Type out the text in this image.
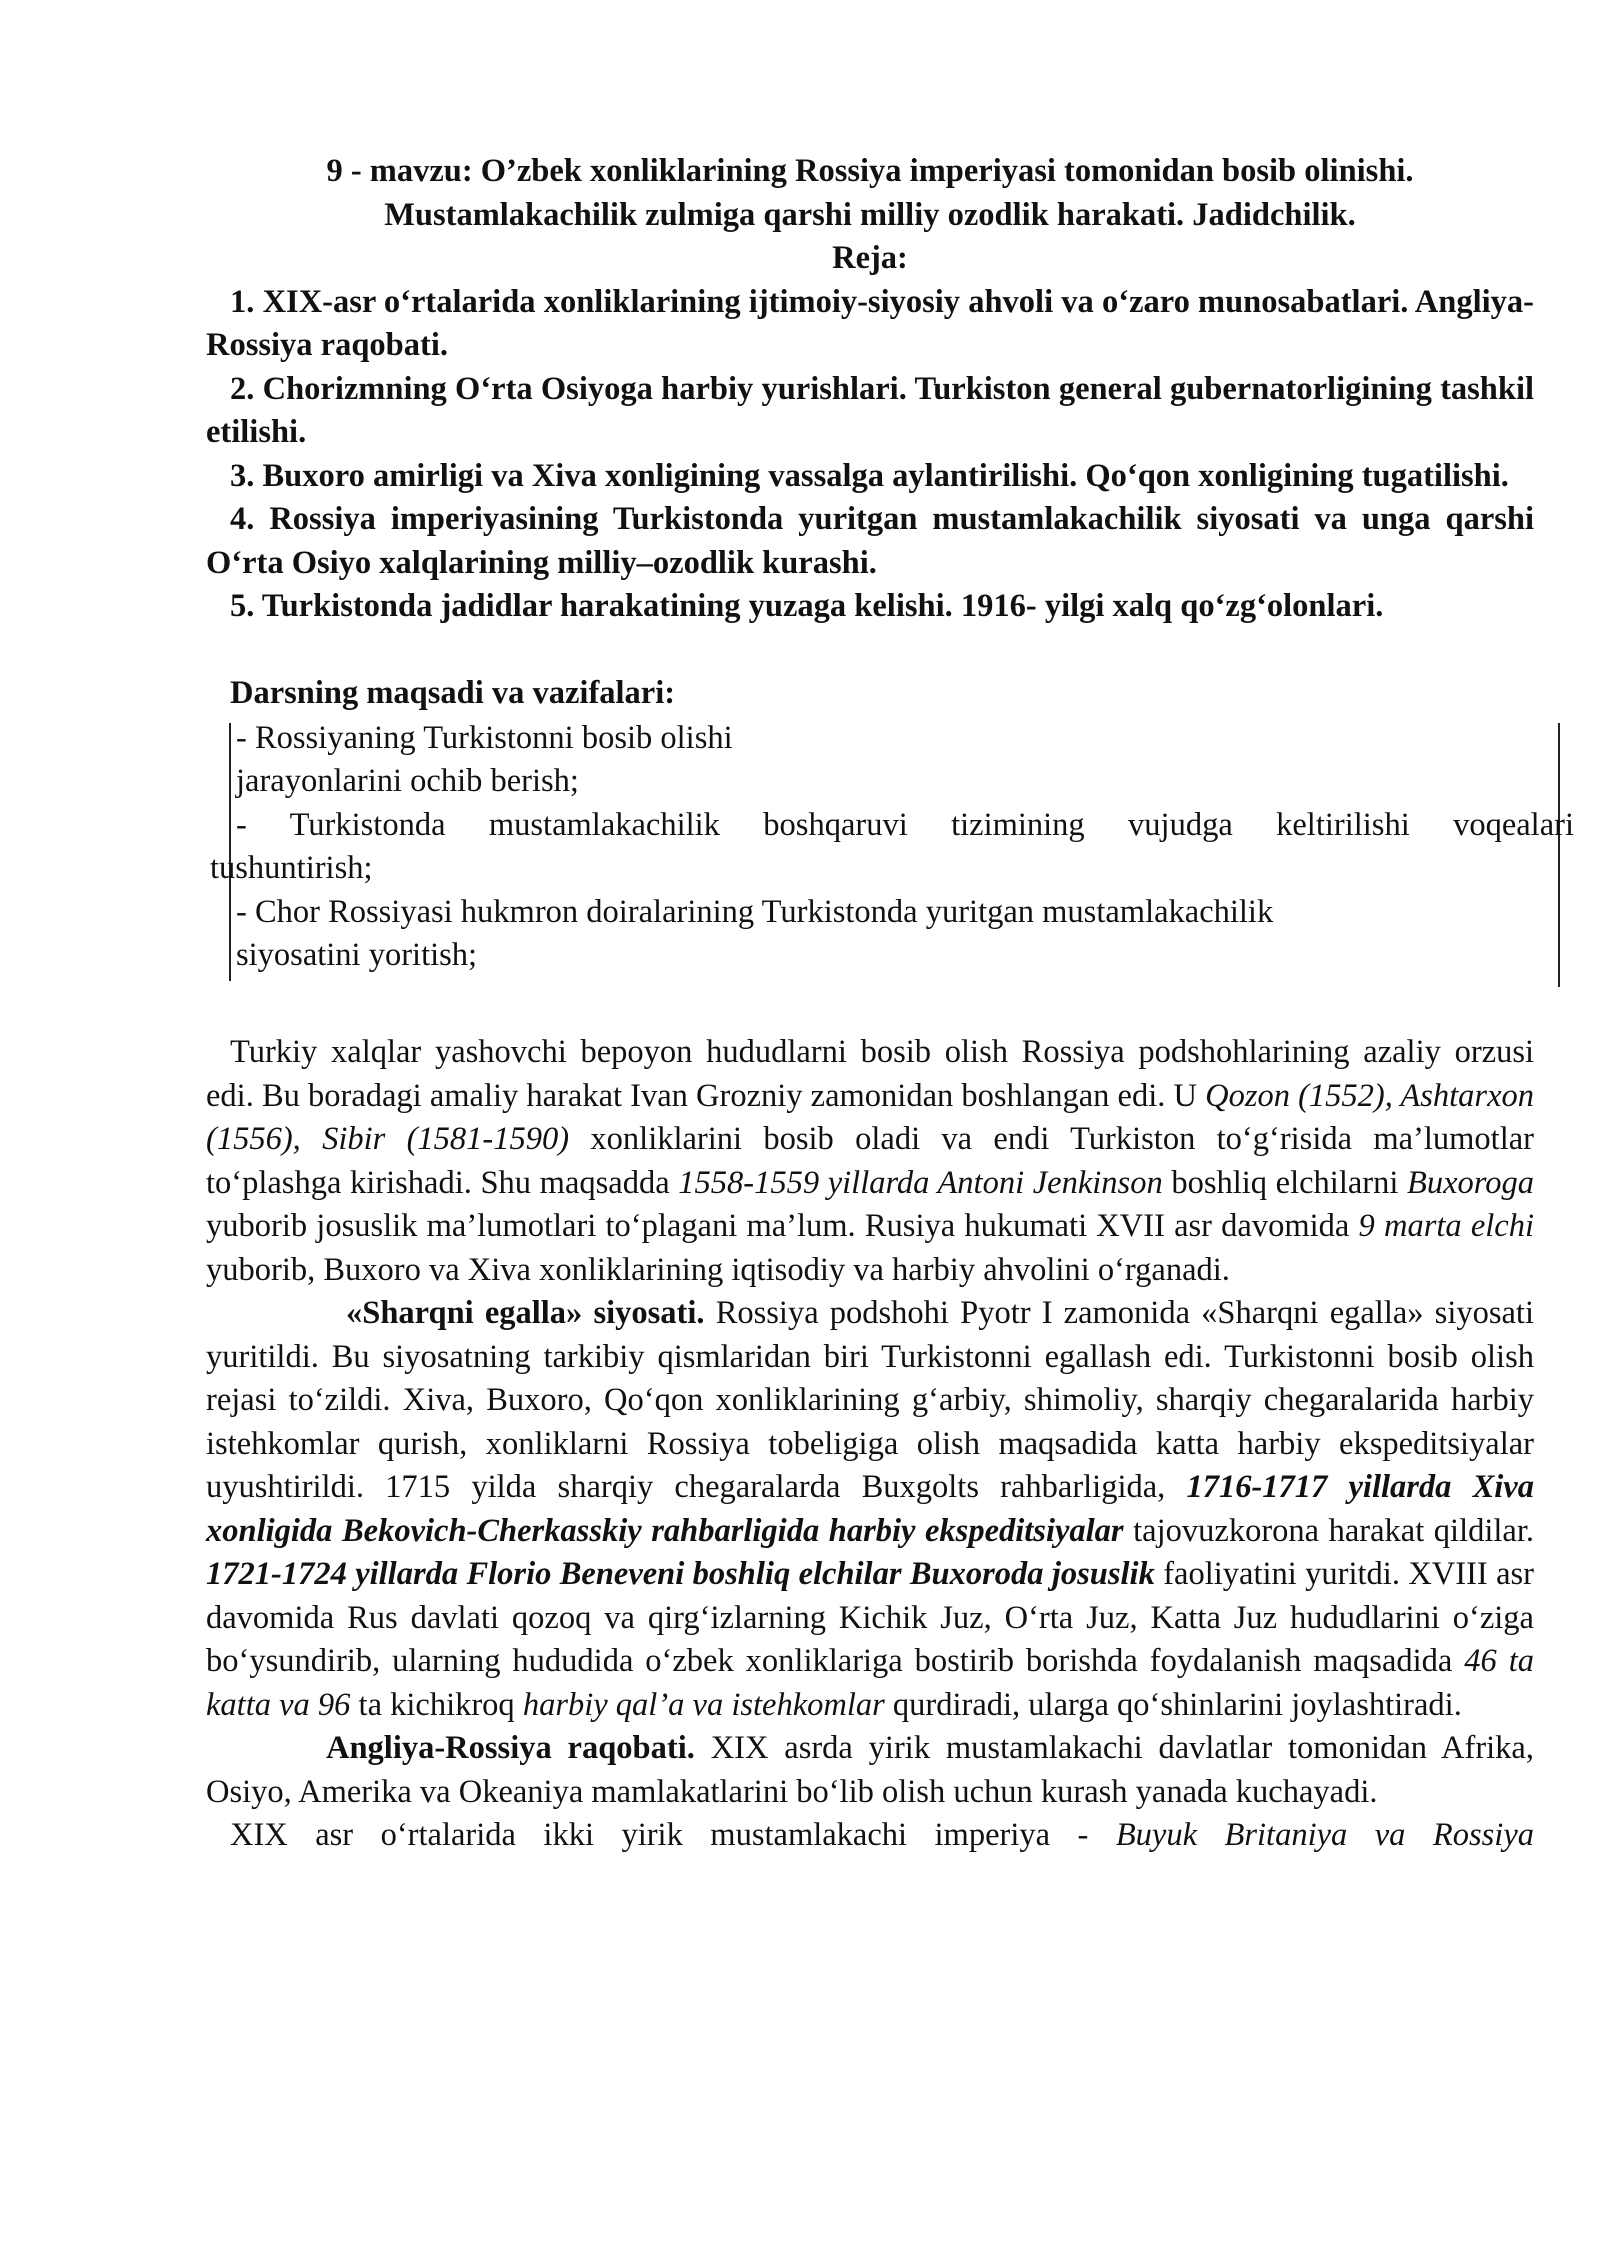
9 - mavzu: O’zbek xonliklarining Rossiya imperiyasi tomonidan bosib olinishi.
Mustamlakachilik zulmiga qarshi milliy ozodlik harakati. Jadidchilik.
Reja:

1. XIX-asr o‘rtalarida xonliklarining ijtimoiy-siyosiy ahvoli va o‘zaro munosabatlari. Angliya-Rossiya raqobati.

2. Chorizmning O‘rta Osiyoga harbiy yurishlari. Turkiston general gubernatorligining tashkil etilishi.

3. Buxoro amirligi va Xiva xonligining vassalga aylantirilishi. Qo‘qon xonligining tugatilishi.

4. Rossiya imperiyasining Turkistonda yuritgan mustamlakachilik siyosati va unga qarshi O‘rta Osiyo xalqlarining milliy–ozodlik kurashi.

5. Turkistonda jadidlar harakatining yuzaga kelishi. 1916- yilgi xalq qo‘zg‘olonlari.

Darsning maqsadi va vazifalari:
- Rossiyaning Turkistonni bosib olishi
jarayonlarini ochib berish;
- Turkistonda mustamlakachilik boshqaruvi tizimining vujudga keltirilishi voqealari
tushuntirish;
- Chor Rossiyasi hukmron doiralarining Turkistonda yuritgan mustamlakachilik
siyosatini yoritish;

Turkiy xalqlar yashovchi bepoyon hududlarni bosib olish Rossiya podshohlarining azaliy orzusi edi. Bu boradagi amaliy harakat Ivan Grozniy zamonidan boshlangan edi. U Qozon (1552), Ashtarxon (1556), Sibir (1581-1590) xonliklarini bosib oladi va endi Turkiston to‘g‘risida ma’lumotlar to‘plashga kirishadi. Shu maqsadda 1558-1559 yillarda Antoni Jenkinson boshliq elchilarni Buxoroga yuborib josuslik ma’lumotlari to‘plagani ma’lum. Rusiya hukumati XVII asr davomida 9 marta elchi yuborib, Buxoro va Xiva xonliklarining iqtisodiy va harbiy ahvolini o‘rganadi.

«Sharqni egalla» siyosati. Rossiya podshohi Pyotr I zamonida «Sharqni egalla» siyosati yuritildi. Bu siyosatning tarkibiy qismlaridan biri Turkistonni egallash edi. Turkistonni bosib olish rejasi to‘zildi. Xiva, Buxoro, Qo‘qon xonliklarining g‘arbiy, shimoliy, sharqiy chegaralarida harbiy istehkomlar qurish, xonliklarni Rossiya tobeligiga olish maqsadida katta harbiy ekspeditsiyalar uyushtirildi. 1715 yilda sharqiy chegaralarda Buxgolts rahbarligida, 1716-1717 yillarda Xiva xonligida Bekovich-Cherkasskiy rahbarligida harbiy ekspeditsiyalar tajovuzkorona harakat qildilar. 1721-1724 yillarda Florio Beneveni boshliq elchilar Buxoroda josuslik faoliyatini yuritdi. XVIII asr davomida Rus davlati qozoq va qirg‘izlarning Kichik Juz, O‘rta Juz, Katta Juz hududlarini o‘ziga bo‘ysundirib, ularning hududida o‘zbek xonliklariga bostirib borishda foydalanish maqsadida 46 ta katta va 96 ta kichikroq harbiy qal’a va istehkomlar qurdiradi, ularga qo‘shinlarini joylashtiradi.

Angliya-Rossiya raqobati. XIX asrda yirik mustamlakachi davlatlar tomonidan Afrika, Osiyo, Amerika va Okeaniya mamlakatlarini bo‘lib olish uchun kurash yanada kuchayadi.

XIX asr o‘rtalarida ikki yirik mustamlakachi imperiya - Buyuk Britaniya va Rossiya
